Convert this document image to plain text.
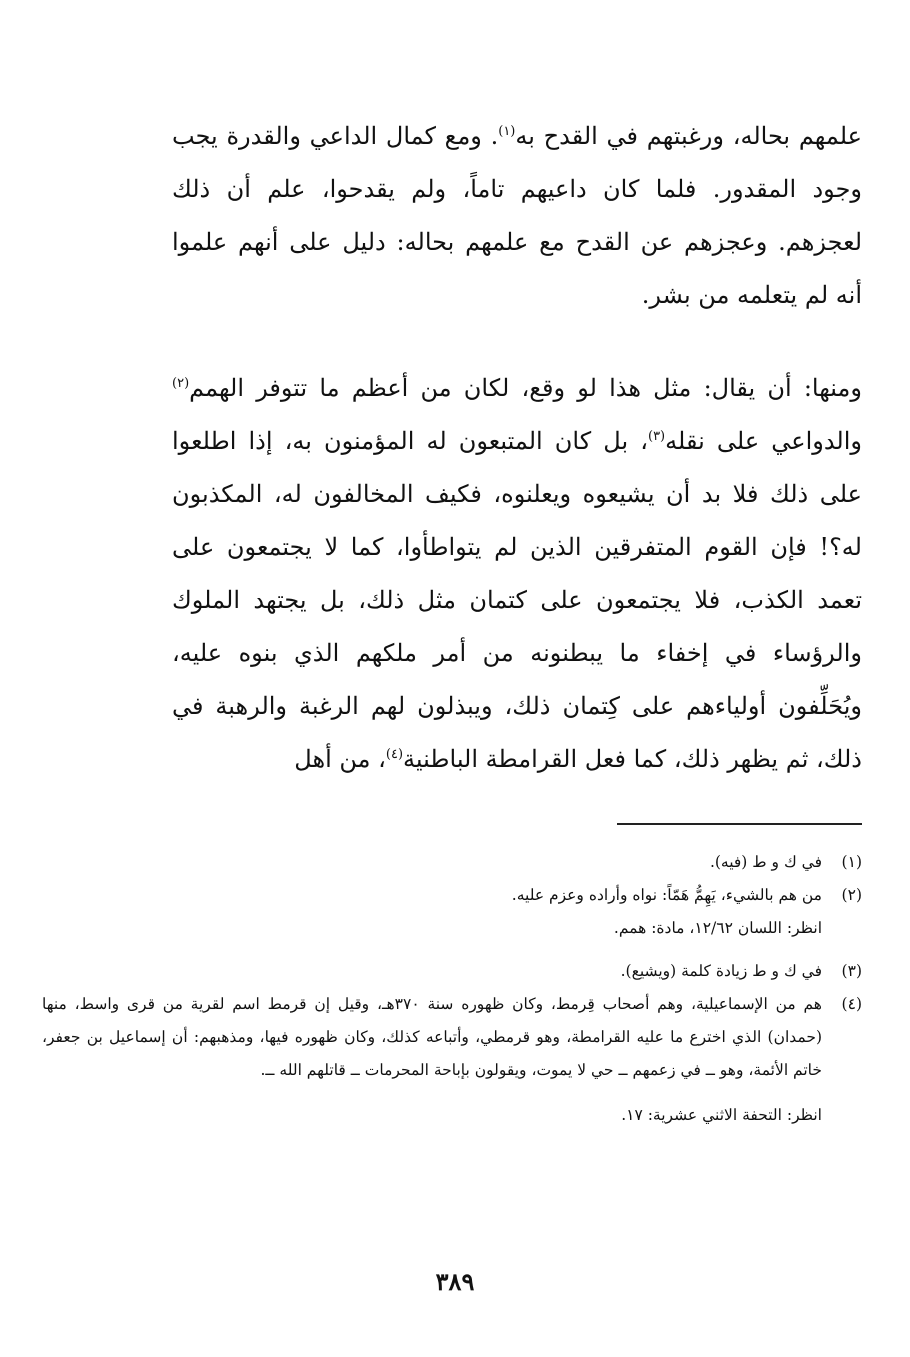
علمهم بحاله، ورغبتهم في القدح به$^{(١)}$. ومع كمال الداعي والقدرة يجب وجود المقدور. فلما كان داعيهم تاماً، ولم يقدحوا، علم أن ذلك لعجزهم. وعجزهم عن القدح مع علمهم بحاله: دليل على أنهم علموا أنه لم يتعلمه من بشر.

ومنها: أن يقال: مثل هذا لو وقع، لكان من أعظم ما تتوفر الهمم$^{(٢)}$ والدواعي على نقله$^{(٣)}$، بل كان المتبعون له المؤمنون به، إذا اطلعوا على ذلك فلا بد أن يشيعوه ويعلنوه، فكيف المخالفون له، المكذبون له؟! فإن القوم المتفرقين الذين لم يتواطأوا، كما لا يجتمعون على تعمد الكذب، فلا يجتمعون على كتمان مثل ذلك، بل يجتهد الملوك والرؤساء في إخفاء ما يبطنونه من أمر ملكهم الذي بنوه عليه، ويُحَلِّفون أولياءهم على كِتمان ذلك، ويبذلون لهم الرغبة والرهبة في ذلك، ثم يظهر ذلك، كما فعل القرامطة الباطنية$^{(٤)}$، من أهل

(١)
في ك و ط (فيه).
(٢)
من هم بالشيء، يَهِمُّ هَمّاً: نواه وأراده وعزم عليه.
انظر: اللسان ١٢/٦٢، مادة: همم.
(٣)
في ك و ط زيادة كلمة (ويشيع).
(٤)
هم من الإسماعيلية، وهم أصحاب قِرمط، وكان ظهوره سنة ٣٧٠هـ، وقيل إن قرمط اسم لقرية من قرى واسط، منها (حمدان) الذي اخترع ما عليه القرامطة، وهو قرمطي، وأتباعه كذلك، وكان ظهوره فيها، ومذهبهم: أن إسماعيل بن جعفر، خاتم الأئمة، وهو ــ في زعمهم ــ حي لا يموت، ويقولون بإباحة المحرمات ــ قاتلهم الله ــ.
انظر: التحفة الاثني عشرية: ١٧.
٣٨٩
